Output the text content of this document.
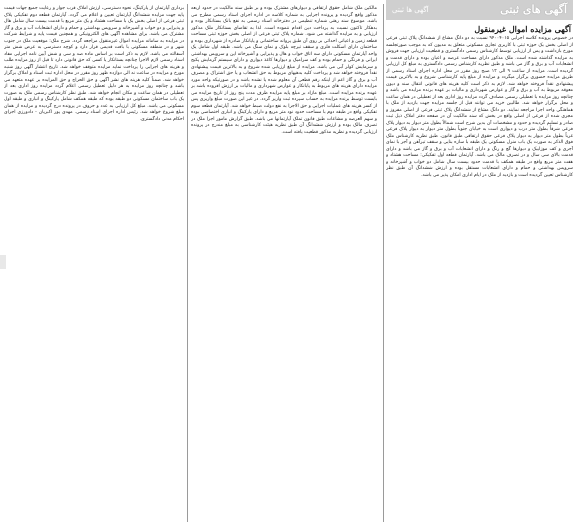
آگهی های ثبتی
آگهی ها ثبتی
آگهی مزایده اموال غیرمنقول

در خصوص پرونده کلاسه اجرایی ۹۴۰۰۴۰۱۵ نسبت به دو دانگ مشاع از ششدانگ پلاک ثبتی فرعی از اصلی بخش یک حوزه ثبتی با کاربری تجاری مسکونی متعلق به مدیون که به موجب صورتجلسه مورخ بازداشت و پس از ارزیابی توسط کارشناس رسمی دادگستری و قطعیت ارزیابی جهت فروش به مزایده گذاشته شده است. ملک مذکور دارای مساحت عرصه و اعیان بوده و دارای قدمت و انشعابات آب و برق و گاز می باشد و طبق نظریه کارشناس رسمی دادگستری به مبلغ کل ارزیابی گردیده است. مزایده از ساعت ۹ الی ۱۲ صبح روز مقرر در محل اداره اجرای اسناد رسمی از طریق مزایده حضوری برگزار میگردد و مزایده از مبلغ پایه کارشناسی شروع و به بالاترین قیمت پیشنهادی نقداً فروخته خواهد شد. لازم به ذکر است کلیه هزینه های قانونی انتقال سند و دیون معوقه مربوط به آب و برق و گاز و عوارض شهرداری و مالیات بر عهده برنده مزایده می باشد و چنانچه روز مزایده با تعطیلی رسمی مصادف گردد مزایده روز اداری بعد از تعطیلی در همان ساعت و محل برگزار خواهد شد. طالبین خرید می توانند قبل از جلسه مزایده جهت بازدید از ملک با هماهنگی واحد اجرا مراجعه نمایند. دو دانگ مشاع از ششدانگ پلاک ثبتی فرعی از اصلی مفروز و مجزی شده از فرعی از اصلی واقع در بخش که سند مالکیت آن در صفحه دفتر املاک ذیل ثبت صادر و تسلیم گردیده و حدود و مشخصات آن بدین شرح است شمالاً بطول متر دیوار به دیوار پلاک فرعی شرقاً بطول متر درب و دیواری است به خیابان جنوباً بطول متر دیوار به دیوار پلاک فرعی غرباً بطول متر دیوار به دیوار پلاک فرعی حقوق ارتفاقی طبق قانون. طبق نظریه کارشناس ملک فوق الذکر به صورت یک باب منزل مسکونی یک طبقه با سازه بنایی و سقف تیرآهن و آجر با نمای آجری و کف موزاییک و دیوارها گچ و رنگ و دارای انشعابات آب و برق و گاز می باشد و دارای قدمت بالای سی سال و در تصرف مالک می باشد. آپارتمان قطعه اول تفکیکی: مساحت هشتاد و هفت متر مربع واقع در طبقه همکف با قدمت حدود بیست سال شامل دو خواب و آشپزخانه و سرویس بهداشتی و حمام و دارای انشعابات مستقل بوده و ارزش ششدانگ آن طبق نظر کارشناس تعیین گردیده است و بازدید از ملک در ایام اداری امکان پذیر می باشد.

مالکین ملک شامل حقوق ارتفاقی و دیوارهای مشترک بوده و بر طبق سند مالکیت در حدود اربعه مذکور واقع گردیده و پرونده اجرایی به شماره کلاسه در اداره اجرای اسناد رسمی مطرح می باشد. موضوع سند رهنی شماره تنظیمی در دفترخانه اسناد رسمی به نفع بانک بستانکار بوده و بدهکار تاکنون نسبت به پرداخت دین اقدام ننموده است. لذا به تقاضای بستانکار ملک مذکور ارزیابی و به مزایده گذاشته می شود. شماره پلاک ثبتی فرعی از اصلی بخش حوزه ثبتی مساحت قطعه زمین و اعیانی احداثی بر روی آن طبق پروانه ساختمانی و پایانکار صادره از شهرداری بوده و ساختمان دارای اسکلت فلزی و سقف تیرچه بلوک و نمای سنگ می باشد. طبقه اول شامل یک واحد آپارتمان مسکونی دارای سه اتاق خواب و هال و پذیرایی و آشپزخانه اپن و سرویس بهداشتی ایرانی و فرنگی و حمام بوده و کف سرامیک و دیوارها کاغذ دیواری و دارای سیستم گرمایش پکیج و سرمایش کولر آبی می باشد. مزایده از مبلغ ارزیابی شده شروع و به بالاترین قیمت پیشنهادی نقداً فروخته خواهد شد و پرداخت کلیه بدهیهای مربوط به حق انشعاب و یا حق اشتراک و مصرف آب و برق و گاز اعم از اینکه رقم قطعی آن معلوم شده یا نشده باشد و در صورتیکه واحد مورد مزایده دارای هزینه های مربوط به پایانکار و عوارض شهرداری و مالیات بر ارزش افزوده باشد بر عهده برنده مزایده است. مبلغ مازاد بر مبلغ پایه مزایده ظرف مدت پنج روز از تاریخ مزایده می بایست توسط برنده مزایده به حساب سپرده ثبت واریز گردد. در غیر این صورت مبلغ واریزی پس از کسر هزینه های عملیات اجرایی و حق الاجرا به نفع دولت ضبط خواهد شد. آپارتمان قطعه سوم تفکیکی واقع در طبقه دوم با مساحت حدود نود متر مربع و دارای پارکینگ و انباری اختصاصی بوده و سهم العرصه و مشاعات طبق قانون تملک آپارتمانها می باشد. طبق گزارش مامور اجرا ملک در تصرف مالک بوده و ارزش ششدانگ آن طبق نظریه هیئت کارشناسی به مبلغ مندرج در پرونده ارزیابی گردیده و نظریه مذکور قطعیت یافته است.

برداری آپارتمان از پارکینگ، نحوه دسترسی، ارزش املاک قرب جوار و رعایت جمیع جهات قیمت پایه جهت مزایده ششدانگ آپارتمان تعیین و اعلام می گردد. آپارتمان قطعه دوم تفکیکی پلاک ثبتی فرعی از اصلی بخش یک با مساحت هشتاد و یک متر مربع با قدمت بیست سال شامل هال و پذیرایی و دو خواب و آشپزخانه و سرویس بهداشتی و حمام و دارای انشعابات آب و برق و گاز مشترک می باشد. برای مشاهده آگهی های الکترونیکی و همچنین قیمت پایه و شرایط شرکت در مزایده به سامانه مزایده اموال غیرمنقول مراجعه گردد. شرح ملک: موقعیت ملک در جنوب شهر و در منطقه مسکونی با بافت قدیمی قرار دارد و کوچه دسترسی به عرض شش متر آسفالته می باشد. لازم به ذکر است بر اساس ماده صد و سی و شش آیین نامه اجرایی مفاد اسناد رسمی لازم الاجرا چنانچه بستانکار یا کسی که حق قانونی دارد تا قبل از روز مزایده طلب و هزینه های اجرایی را پرداخت نماید مزایده متوقف خواهد شد. تاریخ انتشار آگهی روز شنبه مورخ و مزایده در ساعت نه الی دوازده ظهر روز مقرر در محل اداره ثبت اسناد و املاک برگزار خواهد شد. ضمناً کلیه هزینه های نشر آگهی و حق الحراج و حق المزایده بر عهده متعهد می باشد و چنانچه روز مزایده به هر دلیل تعطیل رسمی اعلام گردد مزایده روز اداری بعد از تعطیلی در همان ساعت و مکان انجام خواهد شد. طبق نظر کارشناس رسمی ملک به صورت یک باب ساختمان مسکونی دو طبقه بوده که طبقه همکف شامل پارکینگ و انباری و طبقه اول مسکونی می باشد. مبلغ کل ارزیابی به عدد و حروف در پرونده درج گردیده و مزایده از همان مبلغ شروع خواهد شد. رئیس اداره اجرای اسناد رسمی. مهدی پور اکبریان - دادورزی اجرای احکام مدنی دادگستری.
